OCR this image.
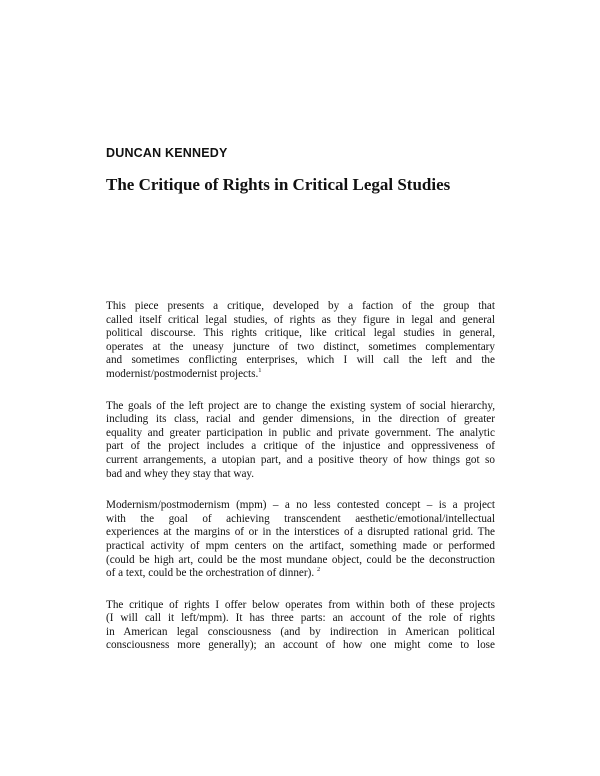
DUNCAN KENNEDY
The Critique of Rights in Critical Legal Studies

This piece presents a critique, developed by a faction of the group that
called itself critical legal studies, of rights as they figure in legal and general
political discourse. This rights critique, like critical legal studies in general,
operates at the uneasy juncture of two distinct, sometimes complementary
and sometimes conflicting enterprises, which I will call the left and the
modernist/postmodernist projects.$^1$

The goals of the left project are to change the existing system of social hierarchy,
including its class, racial and gender dimensions, in the direction of greater
equality and greater participation in public and private government. The analytic
part of the project includes a critique of the injustice and oppressiveness of
current arrangements, a utopian part, and a positive theory of how things got so
bad and whey they stay that way.

Modernism/postmodernism (mpm) – a no less contested concept – is a project
with the goal of achieving transcendent aesthetic/emotional/intellectual
experiences at the margins of or in the interstices of a disrupted rational grid. The
practical activity of mpm centers on the artifact, something made or performed
(could be high art, could be the most mundane object, could be the deconstruction
of a text, could be the orchestration of dinner). $^2$

The critique of rights I offer below operates from within both of these projects
(I will call it left/mpm). It has three parts: an account of the role of rights
in American legal consciousness (and by indirection in American political
consciousness more generally); an account of how one might come to lose
